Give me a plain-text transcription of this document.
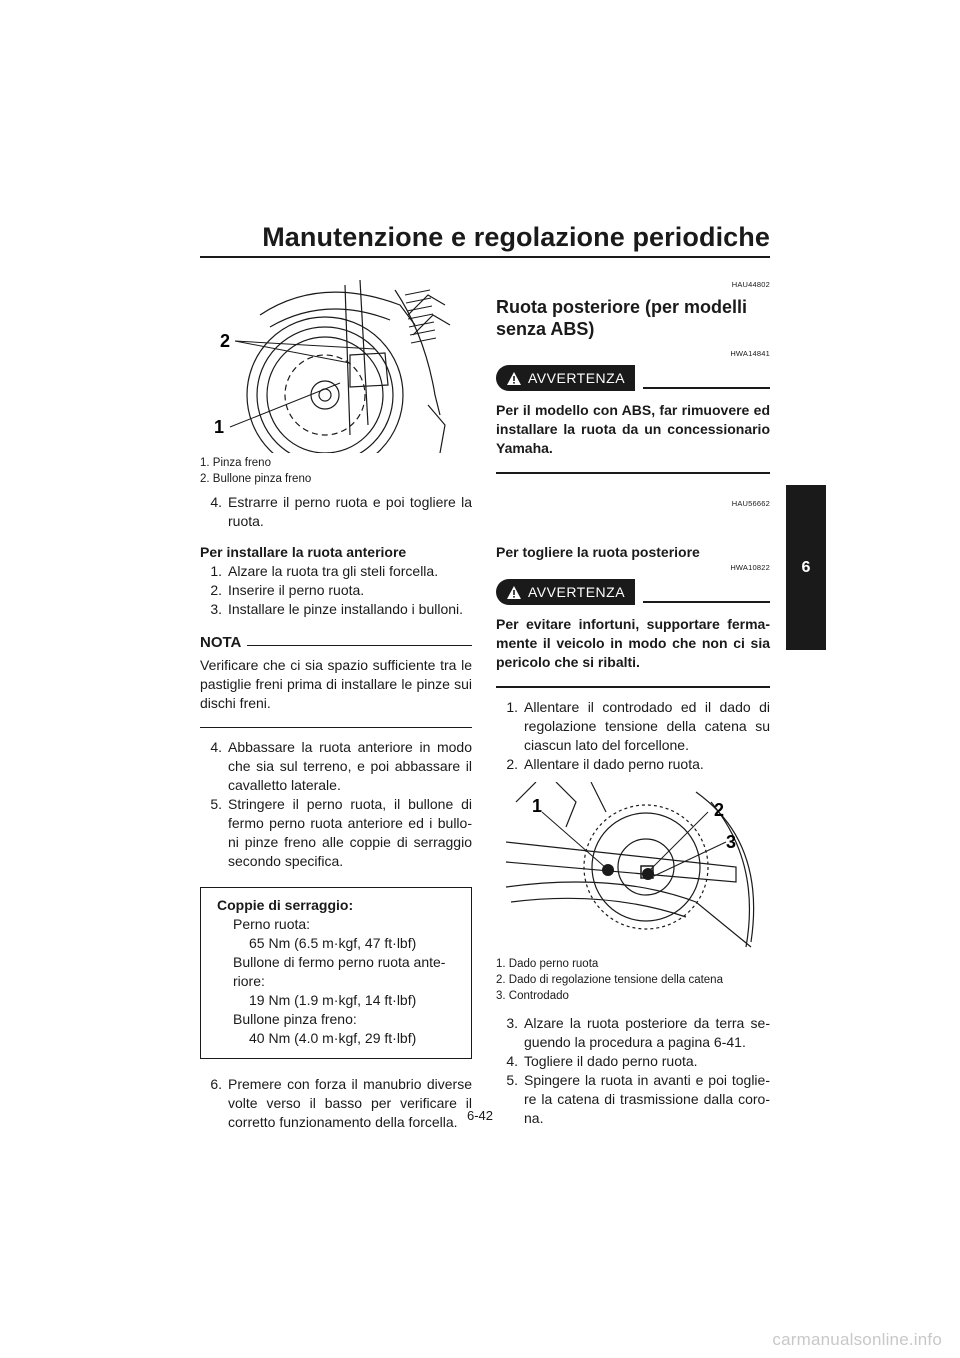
Manutenzione e regolazione periodiche
6
2
1
1. Pinza freno
2. Bullone pinza freno
4. Estrarre il perno ruota e poi togliere la ruota.
Per installare la ruota anteriore
1. Alzare la ruota tra gli steli forcella.
2. Inserire il perno ruota.
3. Installare le pinze installando i bulloni.
NOTA
Verificare che ci sia spazio sufficiente tra le pastiglie freni prima di installare le pinze sui dischi freni.
4. Abbassare la ruota anteriore in modo che sia sul terreno, e poi abbassare il cavalletto laterale.
5. Stringere il perno ruota, il bullone di fermo perno ruota anteriore ed i bullo-ni pinze freno alle coppie di serraggio secondo specifica.
Coppie di serraggio:
Perno ruota:
65 Nm (6.5 m·kgf, 47 ft·lbf)
Bullone di fermo perno ruota ante-
riore:
19 Nm (1.9 m·kgf, 14 ft·lbf)
Bullone pinza freno:
40 Nm (4.0 m·kgf, 29 ft·lbf)
6. Premere con forza il manubrio diverse volte verso il basso per verificare il corretto funzionamento della forcella.
HAU44802
Ruota posteriore (per modelli senza ABS)
HWA14841
AVVERTENZA
Per il modello con ABS, far rimuovere ed installare la ruota da un concessionario Yamaha.
HAU56662
Per togliere la ruota posteriore
HWA10822
AVVERTENZA
Per evitare infortuni, supportare ferma-mente il veicolo in modo che non ci sia pericolo che si ribalti.
1. Allentare il controdado ed il dado di regolazione tensione della catena su ciascun lato del forcellone.
2. Allentare il dado perno ruota.
1	2
3
1. Dado perno ruota
2. Dado di regolazione tensione della catena
3. Controdado
3. Alzare la ruota posteriore da terra se-guendo la procedura a pagina 6-41.
4. Togliere il dado perno ruota.
5. Spingere la ruota in avanti e poi toglie-re la catena di trasmissione dalla coro-na.
6-42
carmanualsonline.info
